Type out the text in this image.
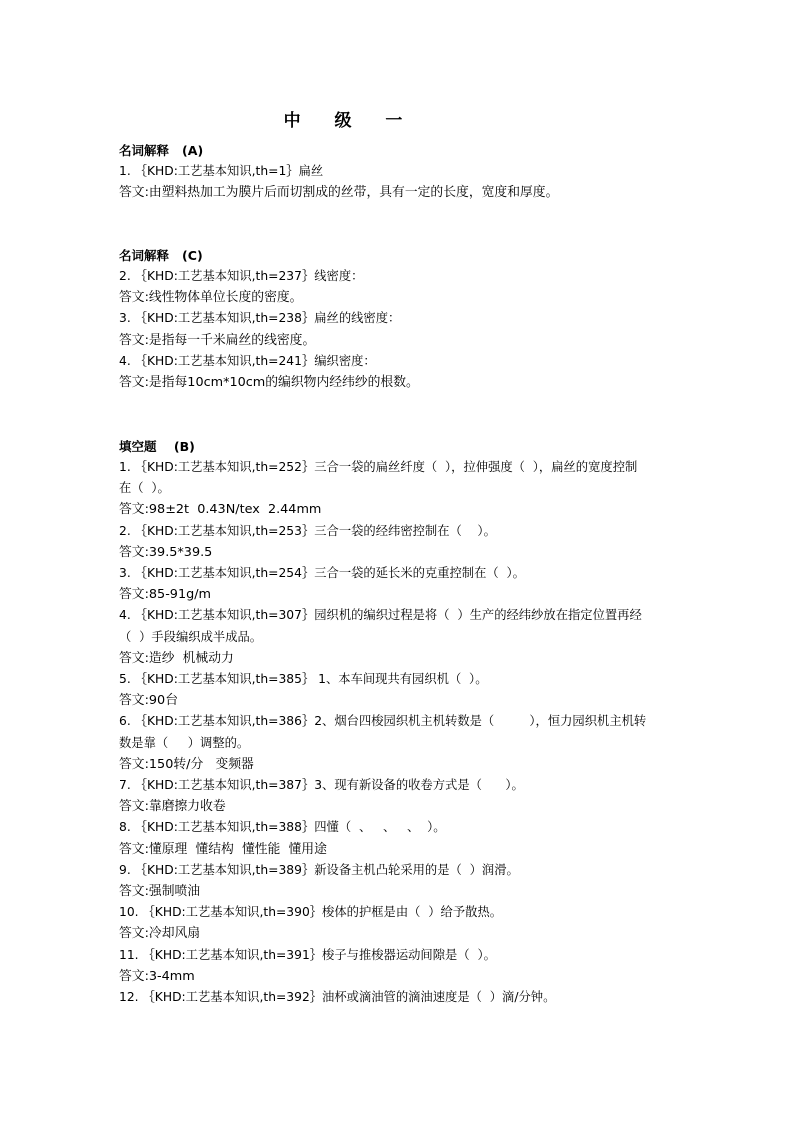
中 级 一
名词解释   (A)
1. ｛KHD:工艺基本知识,th=1｝扁丝
答文:由塑料热加工为膜片后而切割成的丝带，具有一定的长度，宽度和厚度。
名词解释   (C)
2. ｛KHD:工艺基本知识,th=237｝线密度：
答文:线性物体单位长度的密度。
3. ｛KHD:工艺基本知识,th=238｝扁丝的线密度：
答文:是指每一千米扁丝的线密度。
4. ｛KHD:工艺基本知识,th=241｝编织密度：
答文:是指每10cm*10cm的编织物内经纬纱的根数。
填空题    (B)
1. ｛KHD:工艺基本知识,th=252｝三合一袋的扁丝纤度（  ），拉伸强度（  ），扁丝的宽度控制在（  ）。
答文:98±2t  0.43N/tex  2.44mm
2. ｛KHD:工艺基本知识,th=253｝三合一袋的经纬密控制在（    ）。
答文:39.5*39.5
3. ｛KHD:工艺基本知识,th=254｝三合一袋的延长米的克重控制在（  ）。
答文:85-91g/m
4. ｛KHD:工艺基本知识,th=307｝园织机的编织过程是将（  ）生产的经纬纱放在指定位置再经（  ）手段编织成半成品。
答文:造纱  机械动力
5. ｛KHD:工艺基本知识,th=385｝ 1、本车间现共有园织机（  ）。
答文:90台
6. ｛KHD:工艺基本知识,th=386｝2、烟台四梭园织机主机转数是（         ），恒力园织机主机转数是靠（     ）调整的。
答文:150转/分   变频器
7. ｛KHD:工艺基本知识,th=387｝3、现有新设备的收卷方式是（      ）。
答文:靠磨擦力收卷
8. ｛KHD:工艺基本知识,th=388｝四懂（  、   、   、  ）。
答文:懂原理  懂结构  懂性能  懂用途
9. ｛KHD:工艺基本知识,th=389｝新设备主机凸轮采用的是（  ）润滑。
答文:强制喷油
10. ｛KHD:工艺基本知识,th=390｝梭体的护框是由（  ）给予散热。
答文:冷却风扇
11. ｛KHD:工艺基本知识,th=391｝梭子与推梭器运动间隙是（  ）。
答文:3-4mm
12. ｛KHD:工艺基本知识,th=392｝油杯或滴油管的滴油速度是（  ）滴/分钟。
